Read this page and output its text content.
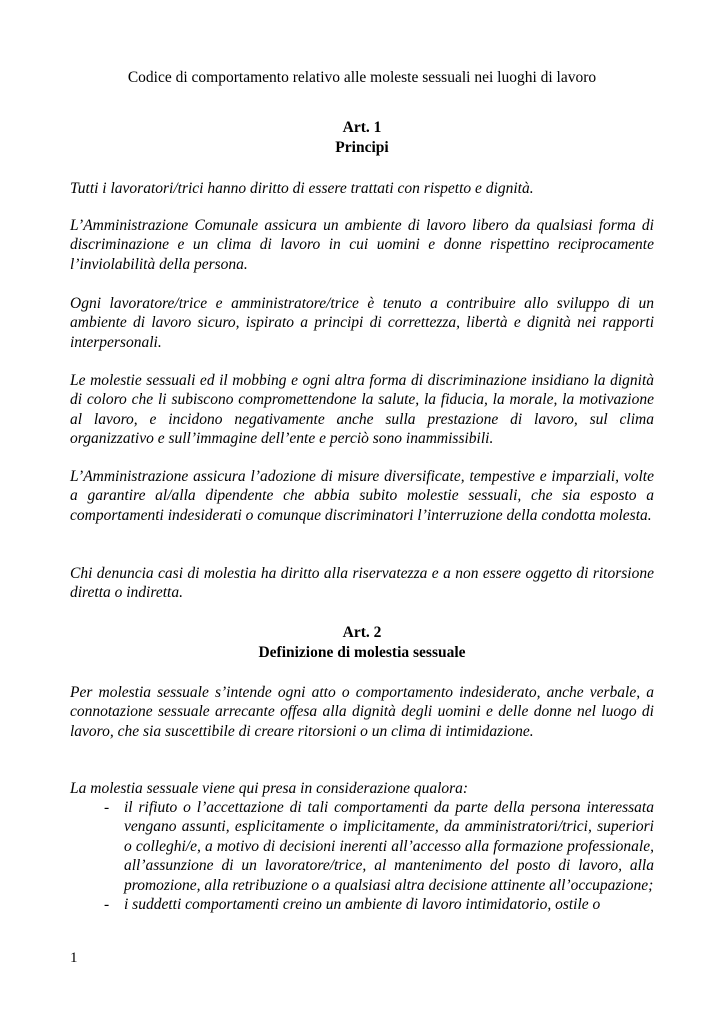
Codice di comportamento relativo alle moleste sessuali nei luoghi di lavoro
Art. 1
Principi

Tutti i lavoratori/trici hanno diritto di essere trattati con rispetto e dignità.

L’Amministrazione Comunale assicura un ambiente di lavoro libero da qualsiasi forma di discriminazione e un clima di lavoro in cui uomini e donne rispettino reciprocamente l’inviolabilità della persona.

Ogni lavoratore/trice e amministratore/trice è tenuto a contribuire allo sviluppo di un ambiente di lavoro sicuro, ispirato a principi di correttezza, libertà e dignità nei rapporti interpersonali.

Le molestie sessuali ed il mobbing e ogni altra forma di discriminazione insidiano la dignità di coloro che li subiscono compromettendone la salute, la fiducia, la morale, la motivazione al lavoro, e incidono negativamente anche sulla prestazione di lavoro, sul clima organizzativo e sull’immagine dell’ente e perciò sono inammissibili.

L’Amministrazione assicura l’adozione di misure diversificate, tempestive e imparziali, volte a garantire al/alla dipendente che abbia subito molestie sessuali, che sia esposto a comportamenti indesiderati o comunque discriminatori l’interruzione della condotta molesta.

Chi denuncia casi di molestia ha diritto alla riservatezza e a non essere oggetto di ritorsione diretta o indiretta.

Art. 2
Definizione di molestia sessuale

Per molestia sessuale s’intende ogni atto o comportamento indesiderato, anche verbale, a connotazione sessuale arrecante offesa alla dignità degli uomini e delle donne nel luogo di lavoro, che sia suscettibile di creare ritorsioni o un clima di intimidazione.

La molestia sessuale viene qui presa in considerazione qualora:

- il rifiuto o l’accettazione di tali comportamenti da parte della persona interessata vengano assunti, esplicitamente o implicitamente, da amministratori/trici, superiori o colleghi/e, a motivo di decisioni inerenti all’accesso alla formazione professionale, all’assunzione di un lavoratore/trice, al mantenimento del posto di lavoro, alla promozione, alla retribuzione o a qualsiasi altra decisione attinente all’occupazione;
- i suddetti comportamenti creino un ambiente di lavoro intimidatorio, ostile o
1
